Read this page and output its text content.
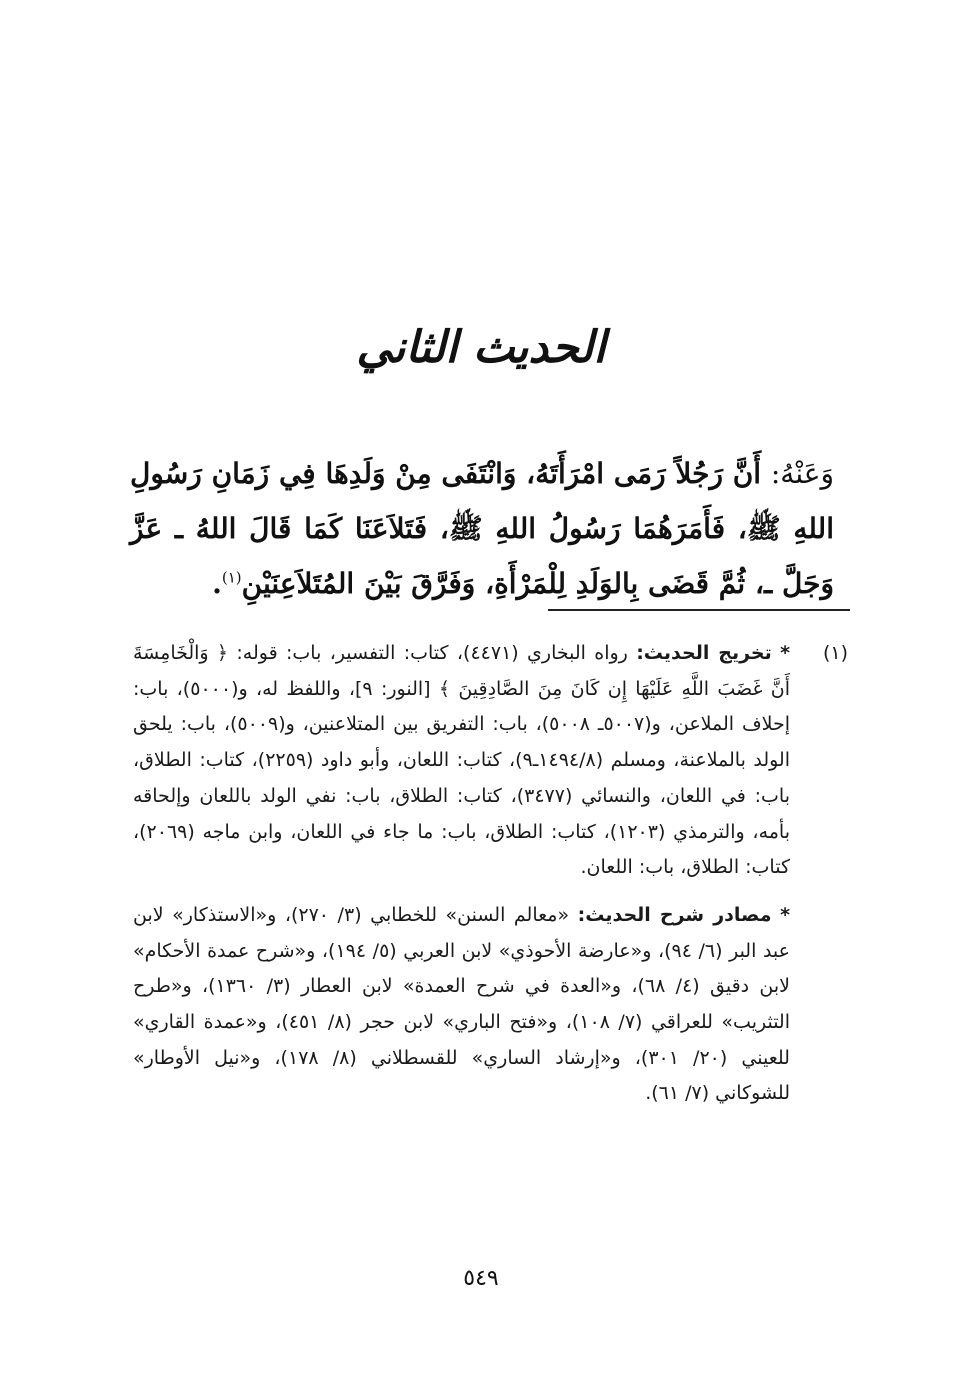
الحديث الثاني
وَعَنْهُ: أَنَّ رَجُلاً رَمَى امْرَأَتَهُ، وَانْتَفَى مِنْ وَلَدِهَا فِي زَمَانِ رَسُولِ اللهِ ﷺ، فَأَمَرَهُمَا رَسُولُ اللهِ ﷺ، فَتَلاَعَنَا كَمَا قَالَ اللهُ ـ عَزَّ وَجَلَّ ـ، ثُمَّ قَضَى بِالوَلَدِ لِلْمَرْأَةِ، وَفَرَّقَ بَيْنَ المُتَلاَعِنَيْنِ$^{(١)}$.
(١)
* تخريج الحديث: رواه البخاري (٤٤٧١)، كتاب: التفسير، باب: قوله: ﴿ وَالْخَامِسَةَ أَنَّ غَضَبَ اللَّهِ عَلَيْهَا إِن كَانَ مِنَ الصَّادِقِينَ ﴾ [النور: ٩]، واللفظ له، و(٥٠٠٠)، باب: إحلاف الملاعن، و(٥٠٠٧ـ ٥٠٠٨)، باب: التفريق بين المتلاعنين، و(٥٠٠٩)، باب: يلحق الولد بالملاعنة، ومسلم (١٤٩٤/٨ـ٩)، كتاب: اللعان، وأبو داود (٢٢٥٩)، كتاب: الطلاق، باب: في اللعان، والنسائي (٣٤٧٧)، كتاب: الطلاق، باب: نفي الولد باللعان وإلحاقه بأمه، والترمذي (١٢٠٣)، كتاب: الطلاق، باب: ما جاء في اللعان، وابن ماجه (٢٠٦٩)، كتاب: الطلاق، باب: اللعان.
* مصادر شرح الحديث: «معالم السنن» للخطابي (٣/ ٢٧٠)، و«الاستذكار» لابن عبد البر (٦/ ٩٤)، و«عارضة الأحوذي» لابن العربي (٥/ ١٩٤)، و«شرح عمدة الأحكام» لابن دقيق (٤/ ٦٨)، و«العدة في شرح العمدة» لابن العطار (٣/ ١٣٦٠)، و«طرح التثريب» للعراقي (٧/ ١٠٨)، و«فتح الباري» لابن حجر (٨/ ٤٥١)، و«عمدة القاري» للعيني (٢٠/ ٣٠١)، و«إرشاد الساري» للقسطلاني (٨/ ١٧٨)، و«نيل الأوطار» للشوكاني (٧/ ٦١).
٥٤٩
